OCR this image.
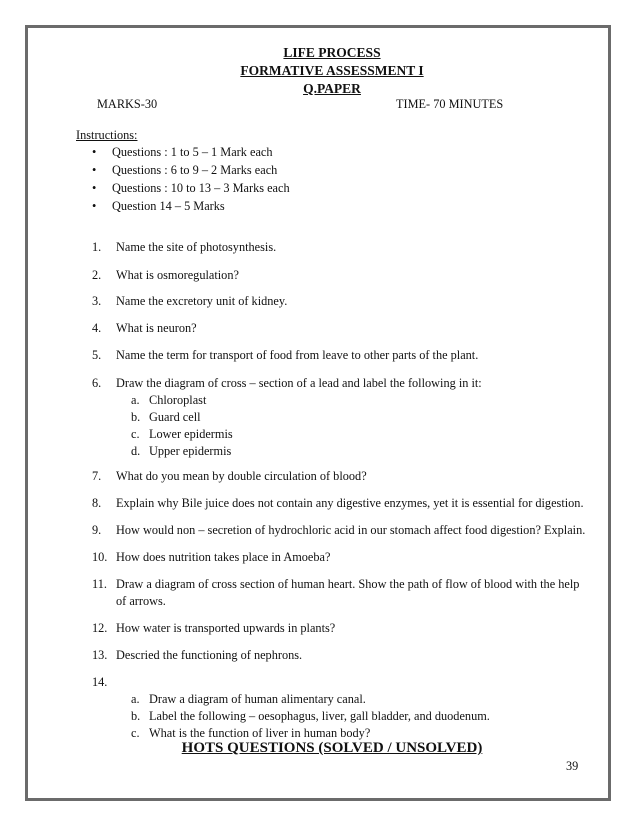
LIFE PROCESS
FORMATIVE ASSESSMENT I
Q.PAPER
MARKS-30	TIME- 70 MINUTES
Instructions:
• Questions : 1 to 5 – 1 Mark each
• Questions : 6 to 9 – 2 Marks each
• Questions : 10 to 13 – 3 Marks each
• Question 14 – 5 Marks
1. Name the site of photosynthesis.
2. What is osmoregulation?
3. Name the excretory unit of kidney.
4. What is neuron?
5. Name the term for transport of food from leave to other parts of the plant.
6. Draw the diagram of cross – section of a lead and label the following in it:
a. Chloroplast
b. Guard cell
c. Lower epidermis
d. Upper epidermis
7. What do you mean by double circulation of blood?
8. Explain why Bile juice does not contain any digestive enzymes, yet it is essential for digestion.
9. How would non – secretion of hydrochloric acid in our stomach affect food digestion? Explain.
10. How does nutrition takes place in Amoeba?
11. Draw a diagram of cross section of human heart. Show the path of flow of blood with the help
of arrows.
12. How water is transported upwards in plants?
13. Descried the functioning of nephrons.
14.
a. Draw a diagram of human alimentary canal.
b. Label the following – oesophagus, liver, gall bladder, and duodenum.
c. What is the function of liver in human body?
HOTS QUESTIONS (SOLVED / UNSOLVED)
39
